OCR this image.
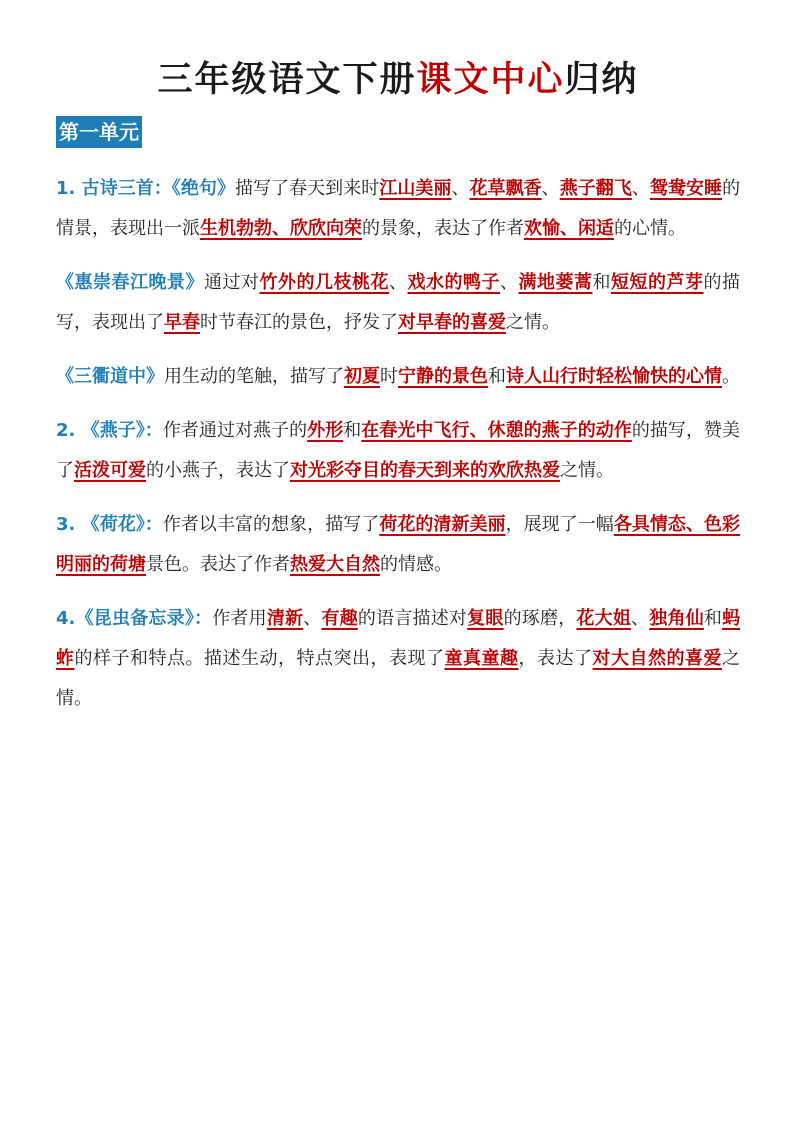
三年级语文下册课文中心归纳
第一单元

1. 古诗三首：《绝句》描写了春天到来时江山美丽、花草飘香、燕子翻飞、鸳鸯安睡的情景，表现出一派生机勃勃、欣欣向荣的景象，表达了作者欢愉、闲适的心情。

《惠崇春江晚景》通过对竹外的几枝桃花、戏水的鸭子、满地蒌蒿和短短的芦芽的描写，表现出了早春时节春江的景色，抒发了对早春的喜爱之情。

《三衢道中》用生动的笔触，描写了初夏时宁静的景色和诗人山行时轻松愉快的心情。

2. 《燕子》：作者通过对燕子的外形和在春光中飞行、休憩的燕子的动作的描写，赞美了活泼可爱的小燕子，表达了对光彩夺目的春天到来的欢欣热爱之情。

3. 《荷花》：作者以丰富的想象，描写了荷花的清新美丽，展现了一幅各具情态、色彩明丽的荷塘景色。表达了作者热爱大自然的情感。

4.《昆虫备忘录》：作者用清新、有趣的语言描述对复眼的琢磨，花大姐、独角仙和蚂蚱的样子和特点。描述生动，特点突出，表现了童真童趣，表达了对大自然的喜爱之情。
